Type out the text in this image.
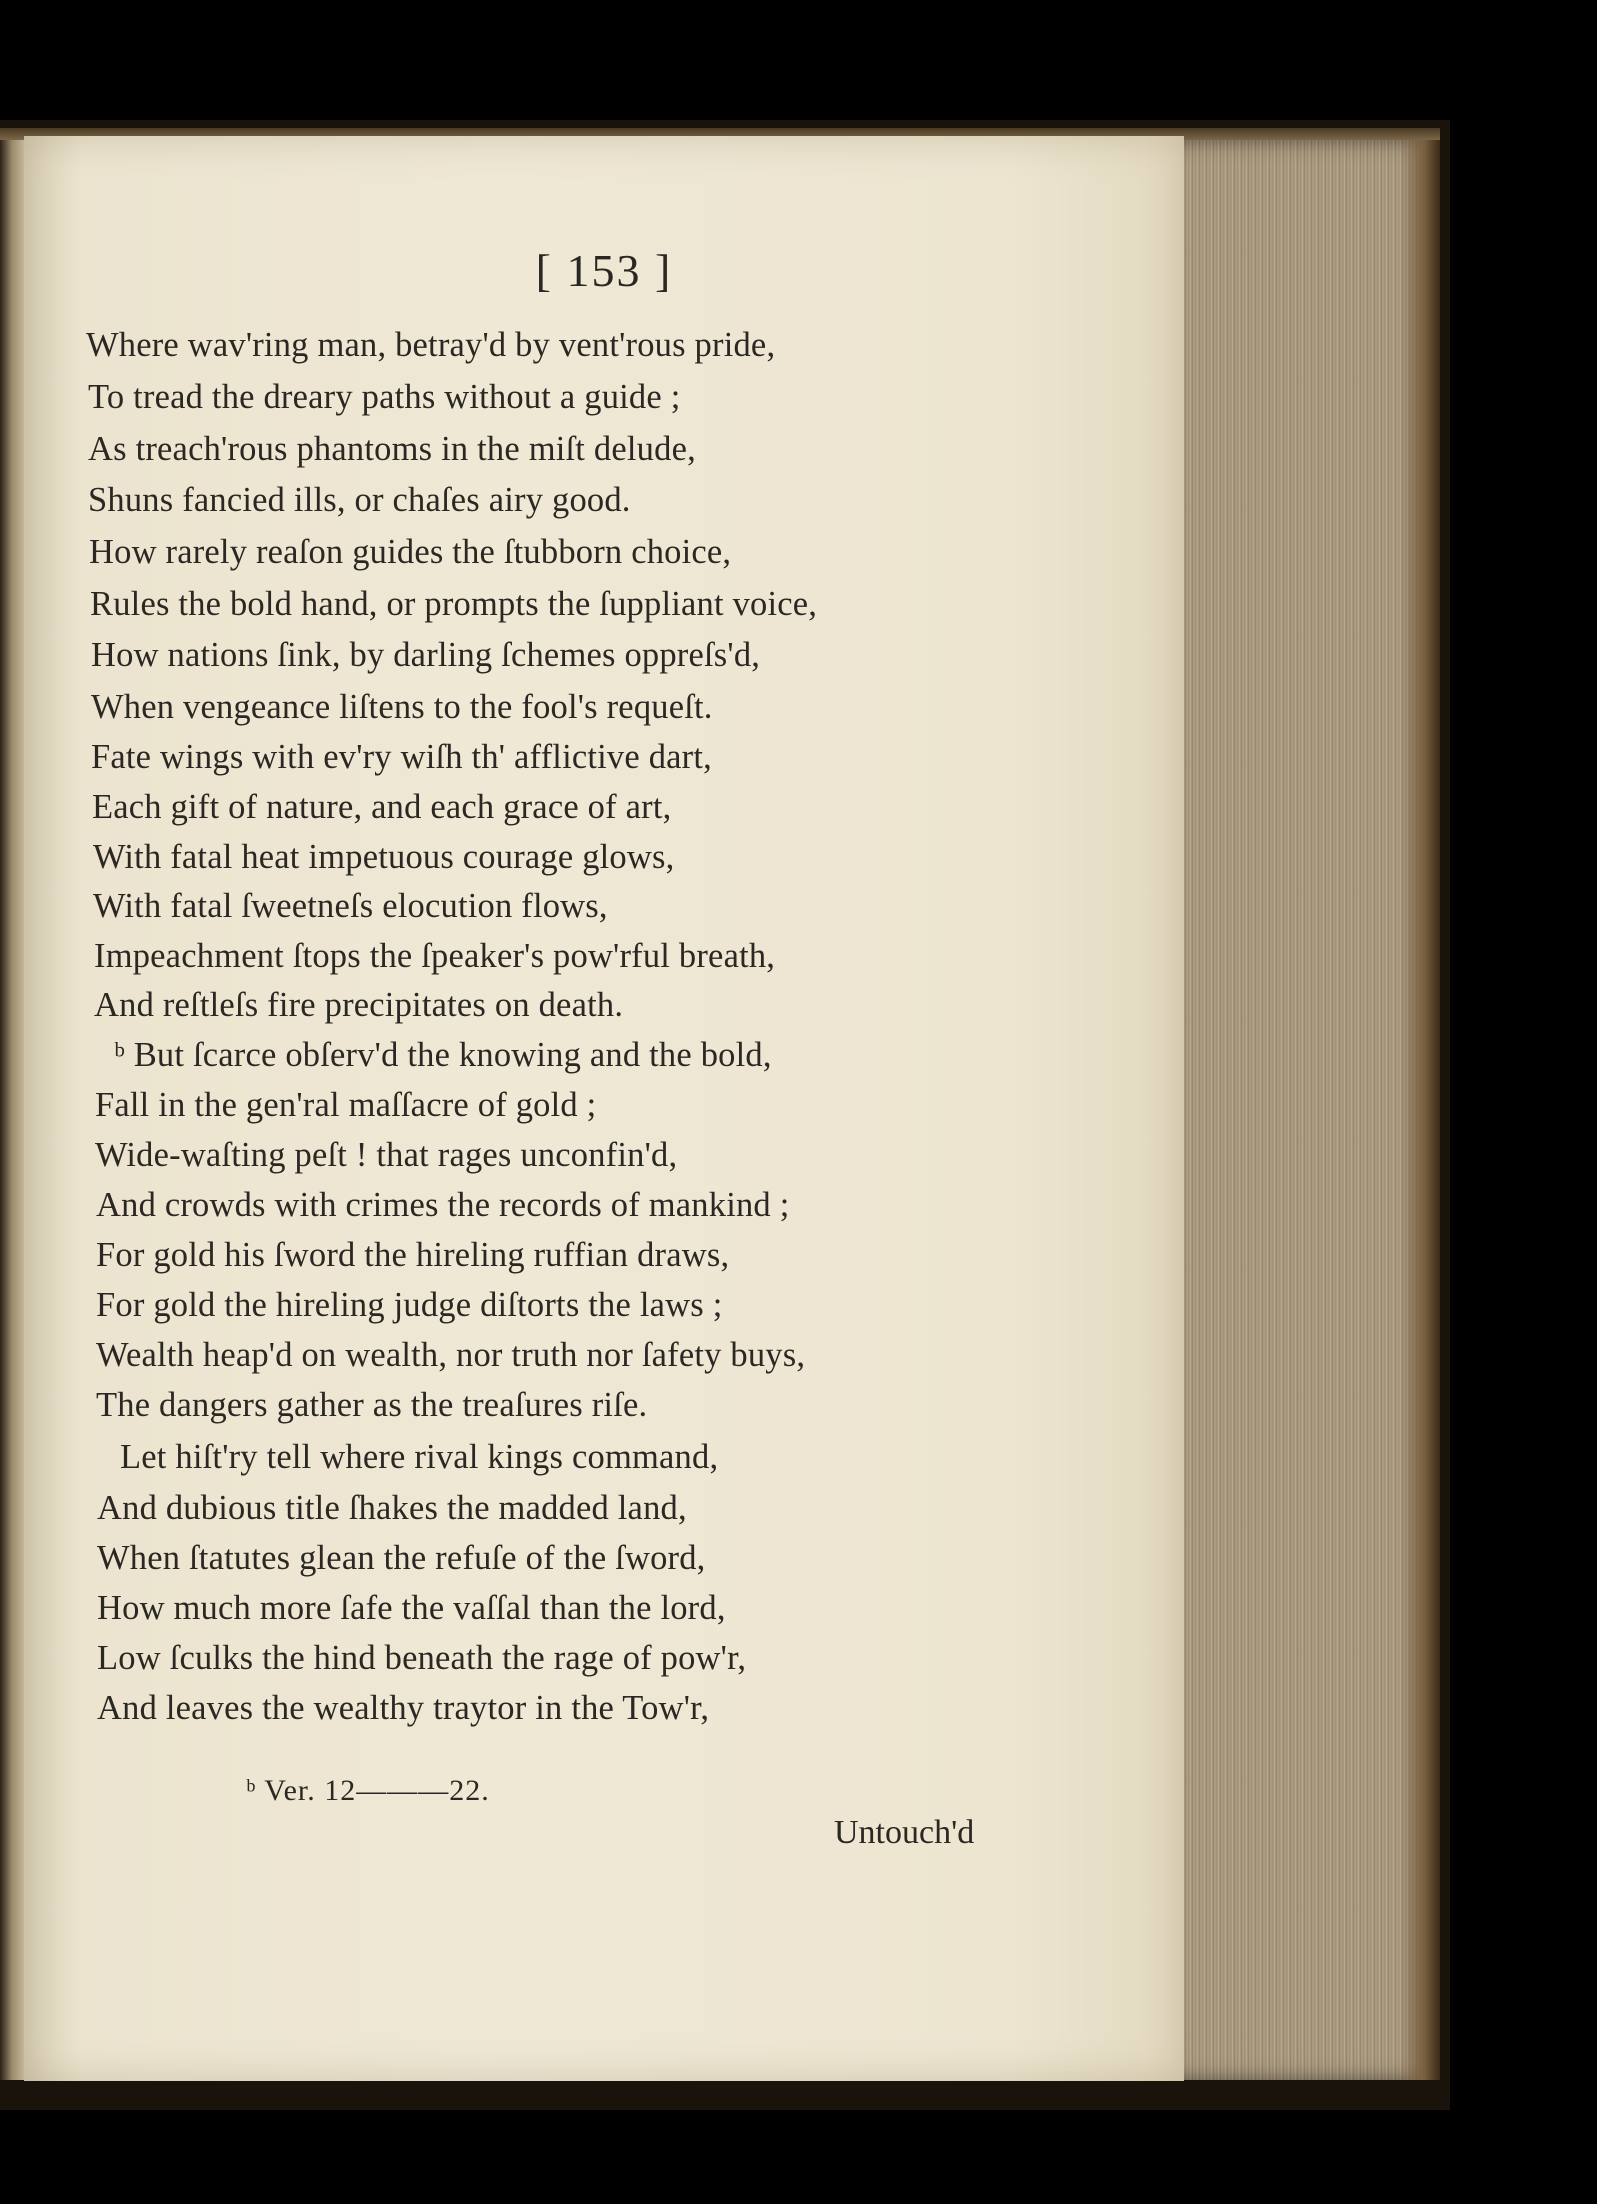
[ 153 ]
Where wav'ring man, betray'd by vent'rous pride,
To tread the dreary paths without a guide ;
As treach'rous phantoms in the miſt delude,
Shuns fancied ills, or chaſes airy good.
How rarely reaſon guides the ſtubborn choice,
Rules the bold hand, or prompts the ſuppliant voice,
How nations ſink, by darling ſchemes oppreſs'd,
When vengeance liſtens to the fool's requeſt.
Fate wings with ev'ry wiſh th' afflictive dart,
Each gift of nature, and each grace of art,
With fatal heat impetuous courage glows,
With fatal ſweetneſs elocution flows,
Impeachment ſtops the ſpeaker's pow'rful breath,
And reſtleſs fire precipitates on death.
ᵇ But ſcarce obſerv'd the knowing and the bold,
Fall in the gen'ral maſſacre of gold ;
Wide-waſting peſt ! that rages unconfin'd,
And crowds with crimes the records of mankind ;
For gold his ſword the hireling ruffian draws,
For gold the hireling judge diſtorts the laws ;
Wealth heap'd on wealth, nor truth nor ſafety buys,
The dangers gather as the treaſures riſe.
Let hiſt'ry tell where rival kings command,
And dubious title ſhakes the madded land,
When ſtatutes glean the refuſe of the ſword,
How much more ſafe the vaſſal than the lord,
Low ſculks the hind beneath the rage of pow'r,
And leaves the wealthy traytor in the Tow'r,
ᵇ Ver. 12———22.
Untouch'd
